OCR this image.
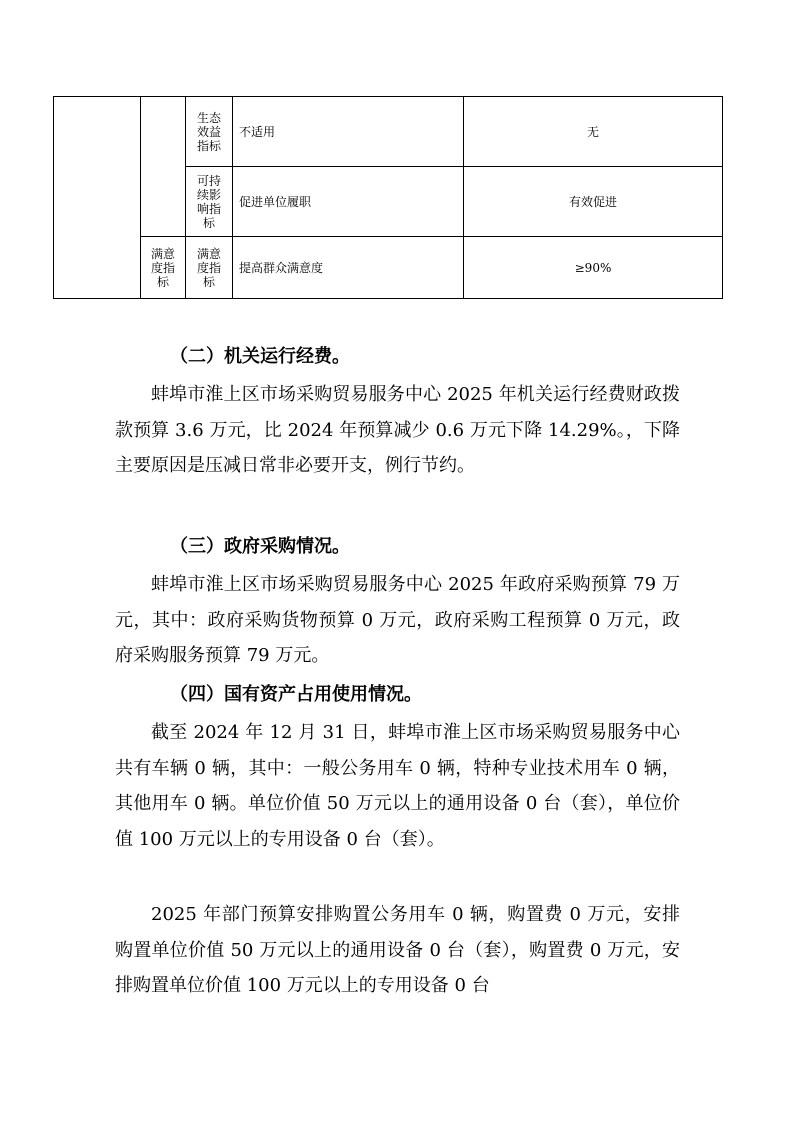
		生态
效益
指标	不适用	无

		可持
续影
响指
标	促进单位履职	有效促进

	满意
度指
标	满意
度指
标	提高群众满意度	≥90%
（二）机关运行经费。

蚌埠市淮上区市场采购贸易服务中心 2025 年机关运行经费财政拨款预算 3.6 万元，比 2024 年预算减少 0.6 万元下降 14.29%。，下降主要原因是压减日常非必要开支，例行节约。

（三）政府采购情况。

蚌埠市淮上区市场采购贸易服务中心 2025 年政府采购预算 79 万元，其中：政府采购货物预算 0 万元，政府采购工程预算 0 万元，政府采购服务预算 79 万元。

（四）国有资产占用使用情况。

截至 2024 年 12 月 31 日，蚌埠市淮上区市场采购贸易服务中心共有车辆 0 辆，其中：一般公务用车 0 辆，特种专业技术用车 0 辆，其他用车 0 辆。单位价值 50 万元以上的通用设备 0 台（套），单位价值 100 万元以上的专用设备 0 台（套）。

2025 年部门预算安排购置公务用车 0 辆，购置费 0 万元，安排购置单位价值 50 万元以上的通用设备 0 台（套），购置费 0 万元，安排购置单位价值 100 万元以上的专用设备 0 台
